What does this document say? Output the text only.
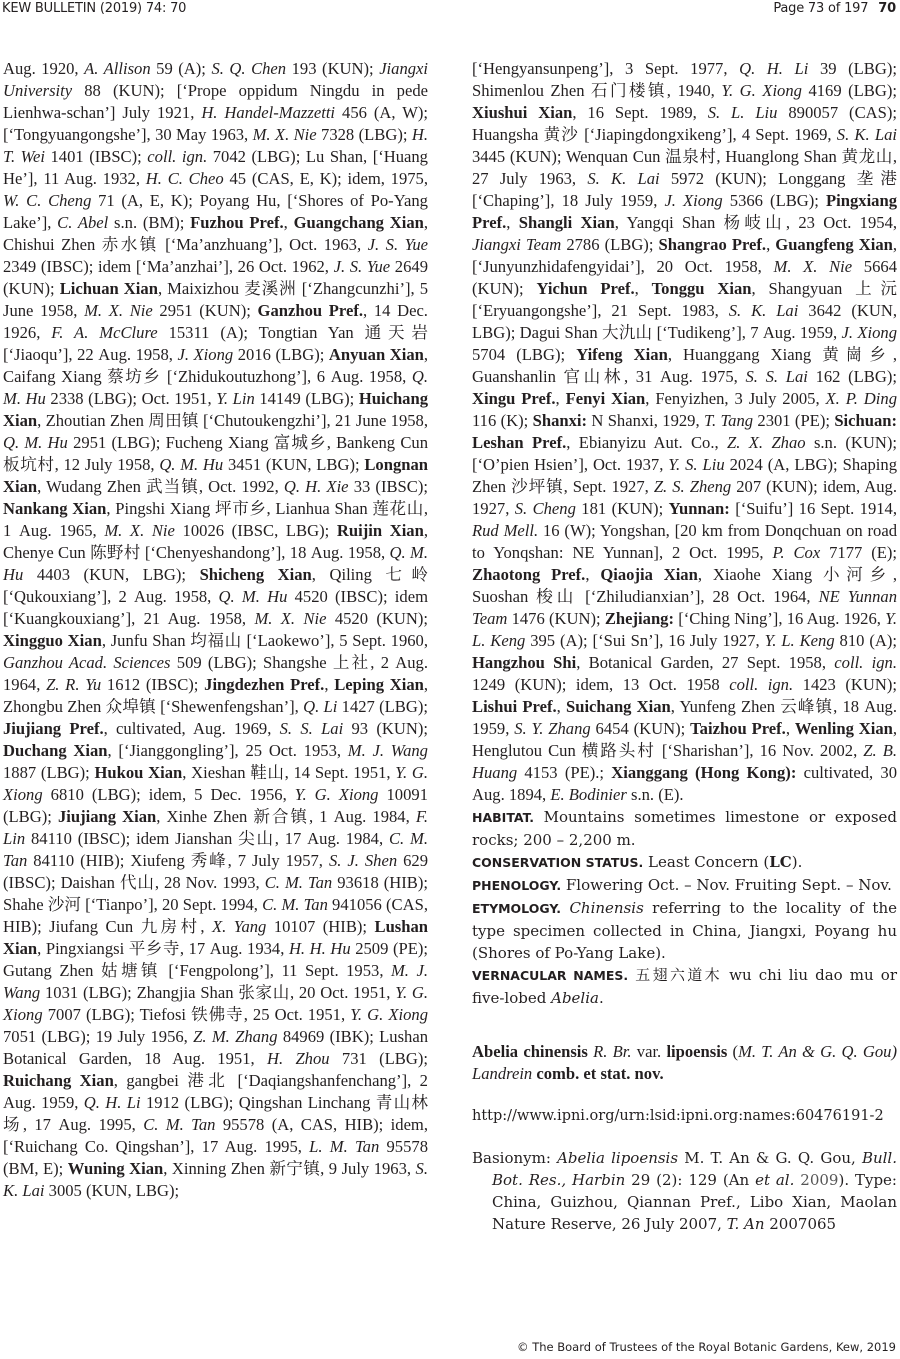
KEW BULLETIN (2019) 74: 70	Page 73 of 197 70

Aug. 1920, A. Allison 59 (A); S. Q. Chen 193 (KUN); Jiangxi University 88 (KUN); [‘Prope oppidum Ningdu in pede Lienhwa-schan’] July 1921, H. Handel-Mazzetti 456 (A, W); [‘Tongyuangongshe’], 30 May 1963, M. X. Nie 7328 (LBG); H. T. Wei 1401 (IBSC); coll. ign. 7042 (LBG); Lu Shan, [‘Huang He’], 11 Aug. 1932, H. C. Cheo 45 (CAS, E, K); idem, 1975, W. C. Cheng 71 (A, E, K); Poyang Hu, [‘Shores of Po-Yang Lake’], C. Abel s.n. (BM); Fuzhou Pref., Guangchang Xian, Chishui Zhen 赤水镇 [‘Ma’anzhuang’], Oct. 1963, J. S. Yue 2349 (IBSC); idem [‘Ma’anzhai’], 26 Oct. 1962, J. S. Yue 2649 (KUN); Lichuan Xian, Maixizhou 麦溪洲 [‘Zhangcunzhi’], 5 June 1958, M. X. Nie 2951 (KUN); Ganzhou Pref., 14 Dec. 1926, F. A. McClure 15311 (A); Tongtian Yan 通天岩 [‘Jiaoqu’], 22 Aug. 1958, J. Xiong 2016 (LBG); Anyuan Xian, Caifang Xiang 蔡坊乡 [‘Zhidukoutuzhong’], 6 Aug. 1958, Q. M. Hu 2338 (LBG); Oct. 1951, Y. Lin 14149 (LBG); Huichang Xian, Zhoutian Zhen 周田镇 [‘Chutoukengzhi’], 21 June 1958, Q. M. Hu 2951 (LBG); Fucheng Xiang 富城乡, Bankeng Cun 板坑村, 12 July 1958, Q. M. Hu 3451 (KUN, LBG); Longnan Xian, Wudang Zhen 武当镇, Oct. 1992, Q. H. Xie 33 (IBSC); Nankang Xian, Pingshi Xiang 坪市乡, Lianhua Shan 莲花山, 1 Aug. 1965, M. X. Nie 10026 (IBSC, LBG); Ruijin Xian, Chenye Cun 陈野村 [‘Chenyeshandong’], 18 Aug. 1958, Q. M. Hu 4403 (KUN, LBG); Shicheng Xian, Qiling 七岭 [‘Qukouxiang’], 2 Aug. 1958, Q. M. Hu 4520 (IBSC); idem [‘Kuangkouxiang’], 21 Aug. 1958, M. X. Nie 4520 (KUN); Xingguo Xian, Junfu Shan 均福山 [‘Laokewo’], 5 Sept. 1960, Ganzhou Acad. Sciences 509 (LBG); Shangshe 上社, 2 Aug. 1964, Z. R. Yu 1612 (IBSC); Jingdezhen Pref., Leping Xian, Zhongbu Zhen 众埠镇 [‘Shewenfengshan’], Q. Li 1427 (LBG); Jiujiang Pref., cultivated, Aug. 1969, S. S. Lai 93 (KUN); Duchang Xian, [‘Jianggongling’], 25 Oct. 1953, M. J. Wang 1887 (LBG); Hukou Xian, Xieshan 鞋山, 14 Sept. 1951, Y. G. Xiong 6810 (LBG); idem, 5 Dec. 1956, Y. G. Xiong 10091 (LBG); Jiujiang Xian, Xinhe Zhen 新合镇, 1 Aug. 1984, F. Lin 84110 (IBSC); idem Jianshan 尖山, 17 Aug. 1984, C. M. Tan 84110 (HIB); Xiufeng 秀峰, 7 July 1957, S. J. Shen 629 (IBSC); Daishan 代山, 28 Nov. 1993, C. M. Tan 93618 (HIB); Shahe 沙河 [‘Tianpo’], 20 Sept. 1994, C. M. Tan 941056 (CAS, HIB); Jiufang Cun 九房村, X. Yang 10107 (HIB); Lushan Xian, Pingxiangsi 平乡寺, 17 Aug. 1934, H. H. Hu 2509 (PE); Gutang Zhen 姑塘镇 [‘Fengpolong’], 11 Sept. 1953, M. J. Wang 1031 (LBG); Zhangjia Shan 张家山, 20 Oct. 1951, Y. G. Xiong 7007 (LBG); Tiefosi 铁佛寺, 25 Oct. 1951, Y. G. Xiong 7051 (LBG); 19 July 1956, Z. M. Zhang 84969 (IBK); Lushan Botanical Garden, 18 Aug. 1951, H. Zhou 731 (LBG); Ruichang Xian, gangbei 港北 [‘Daqiangshanfenchang’], 2 Aug. 1959, Q. H. Li 1912 (LBG); Qingshan Linchang 青山林场, 17 Aug. 1995, C. M. Tan 95578 (A, CAS, HIB); idem, [‘Ruichang Co. Qingshan’], 17 Aug. 1995, L. M. Tan 95578 (BM, E); Wuning Xian, Xinning Zhen 新宁镇, 9 July 1963, S. K. Lai 3005 (KUN, LBG);

[‘Hengyansunpeng’], 3 Sept. 1977, Q. H. Li 39 (LBG); Shimenlou Zhen 石门楼镇, 1940, Y. G. Xiong 4169 (LBG); Xiushui Xian, 16 Sept. 1989, S. L. Liu 890057 (CAS); Huangsha 黄沙 [‘Jiapingdongxikeng’], 4 Sept. 1969, S. K. Lai 3445 (KUN); Wenquan Cun 温泉村, Huanglong Shan 黄龙山, 27 July 1963, S. K. Lai 5972 (KUN); Longgang 垄港 [‘Chaping’], 18 July 1959, J. Xiong 5366 (LBG); Pingxiang Pref., Shangli Xian, Yangqi Shan 杨岐山, 23 Oct. 1954, Jiangxi Team 2786 (LBG); Shangrao Pref., Guangfeng Xian, [‘Junyunzhidafengyidai’], 20 Oct. 1958, M. X. Nie 5664 (KUN); Yichun Pref., Tonggu Xian, Shangyuan 上沅 [‘Eryuangongshe’], 21 Sept. 1983, S. K. Lai 3642 (KUN, LBG); Dagui Shan 大氿山 [‘Tudikeng’], 7 Aug. 1959, J. Xiong 5704 (LBG); Yifeng Xian, Huanggang Xiang 黄崗乡, Guanshanlin 官山林, 31 Aug. 1975, S. S. Lai 162 (LBG); Xingu Pref., Fenyi Xian, Fenyizhen, 3 July 2005, X. P. Ding 116 (K); Shanxi: N Shanxi, 1929, T. Tang 2301 (PE); Sichuan: Leshan Pref., Ebianyizu Aut. Co., Z. X. Zhao s.n. (KUN); [‘O’pien Hsien’], Oct. 1937, Y. S. Liu 2024 (A, LBG); Shaping Zhen 沙坪镇, Sept. 1927, Z. S. Zheng 207 (KUN); idem, Aug. 1927, S. Cheng 181 (KUN); Yunnan: [‘Suifu’] 16 Sept. 1914, Rud Mell. 16 (W); Yongshan, [20 km from Donqchuan on road to Yonqshan: NE Yunnan], 2 Oct. 1995, P. Cox 7177 (E); Zhaotong Pref., Qiaojia Xian, Xiaohe Xiang 小河乡, Suoshan 梭山 [‘Zhiludianxian’], 28 Oct. 1964, NE Yunnan Team 1476 (KUN); Zhejiang: [‘Ching Ning’], 16 Aug. 1926, Y. L. Keng 395 (A); [‘Sui Sn’], 16 July 1927, Y. L. Keng 810 (A); Hangzhou Shi, Botanical Garden, 27 Sept. 1958, coll. ign. 1249 (KUN); idem, 13 Oct. 1958 coll. ign. 1423 (KUN); Lishui Pref., Suichang Xian, Yunfeng Zhen 云峰镇, 18 Aug. 1959, S. Y. Zhang 6454 (KUN); Taizhou Pref., Wenling Xian, Henglutou Cun 横路头村 [‘Sharishan’], 16 Nov. 2002, Z. B. Huang 4153 (PE).; Xianggang (Hong Kong): cultivated, 30 Aug. 1894, E. Bodinier s.n. (E).

HABITAT. Mountains sometimes limestone or exposed rocks; 200 – 2,200 m.

CONSERVATION STATUS. Least Concern (LC).

PHENOLOGY. Flowering Oct. – Nov. Fruiting Sept. – Nov.

ETYMOLOGY. Chinensis referring to the locality of the type specimen collected in China, Jiangxi, Poyang hu (Shores of Po-Yang Lake).

VERNACULAR NAMES. 五翅六道木 wu chi liu dao mu or five-lobed Abelia.

Abelia chinensis R. Br. var. lipoensis (M. T. An & G. Q. Gou) Landrein comb. et stat. nov.

http://www.ipni.org/urn:lsid:ipni.org:names:60476191-2

Basionym: Abelia lipoensis M. T. An & G. Q. Gou, Bull. Bot. Res., Harbin 29 (2): 129 (An et al. 2009). Type: China, Guizhou, Qiannan Pref., Libo Xian, Maolan Nature Reserve, 26 July 2007, T. An 2007065

© The Board of Trustees of the Royal Botanic Gardens, Kew, 2019
